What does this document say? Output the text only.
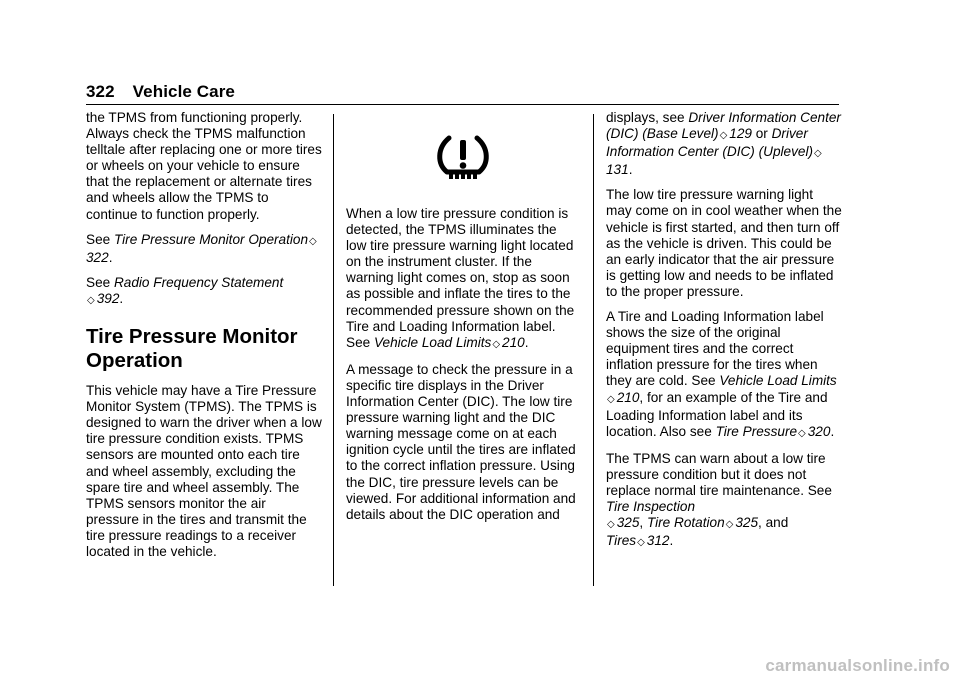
322 Vehicle Care

the TPMS from functioning properly. Always check the TPMS malfunction telltale after replacing one or more tires or wheels on your vehicle to ensure that the replacement or alternate tires and wheels allow the TPMS to continue to function properly.

See Tire Pressure Monitor Operation◇322.

See Radio Frequency Statement
◇ 392.

Tire Pressure Monitor Operation

This vehicle may have a Tire Pressure Monitor System (TPMS). The TPMS is designed to warn the driver when a low tire pressure condition exists. TPMS sensors are mounted onto each tire and wheel assembly, excluding the spare tire and wheel assembly. The TPMS sensors monitor the air pressure in the tires and transmit the tire pressure readings to a receiver located in the vehicle.

When a low tire pressure condition is detected, the TPMS illuminates the low tire pressure warning light located on the instrument cluster. If the warning light comes on, stop as soon as possible and inflate the tires to the recommended pressure shown on the Tire and Loading Information label. See Vehicle Load Limits◇ 210.

A message to check the pressure in a specific tire displays in the Driver Information Center (DIC). The low tire pressure warning light and the DIC warning message come on at each ignition cycle until the tires are inflated to the correct inflation pressure. Using the DIC, tire pressure levels can be viewed. For additional information and details about the DIC operation and

displays, see Driver Information Center (DIC) (Base Level)◇ 129 or Driver Information Center (DIC) (Uplevel)◇131.

The low tire pressure warning light may come on in cool weather when the vehicle is first started, and then turn off as the vehicle is driven. This could be an early indicator that the air pressure is getting low and needs to be inflated to the proper pressure.

A Tire and Loading Information label shows the size of the original equipment tires and the correct inflation pressure for the tires when they are cold. See Vehicle Load Limits◇ 210, for an example of the Tire and Loading Information label and its location. Also see Tire Pressure◇ 320.

The TPMS can warn about a low tire pressure condition but it does not replace normal tire maintenance. See Tire Inspection
◇ 325, Tire Rotation◇ 325, and
Tires◇ 312.

carmanualsonline.info
